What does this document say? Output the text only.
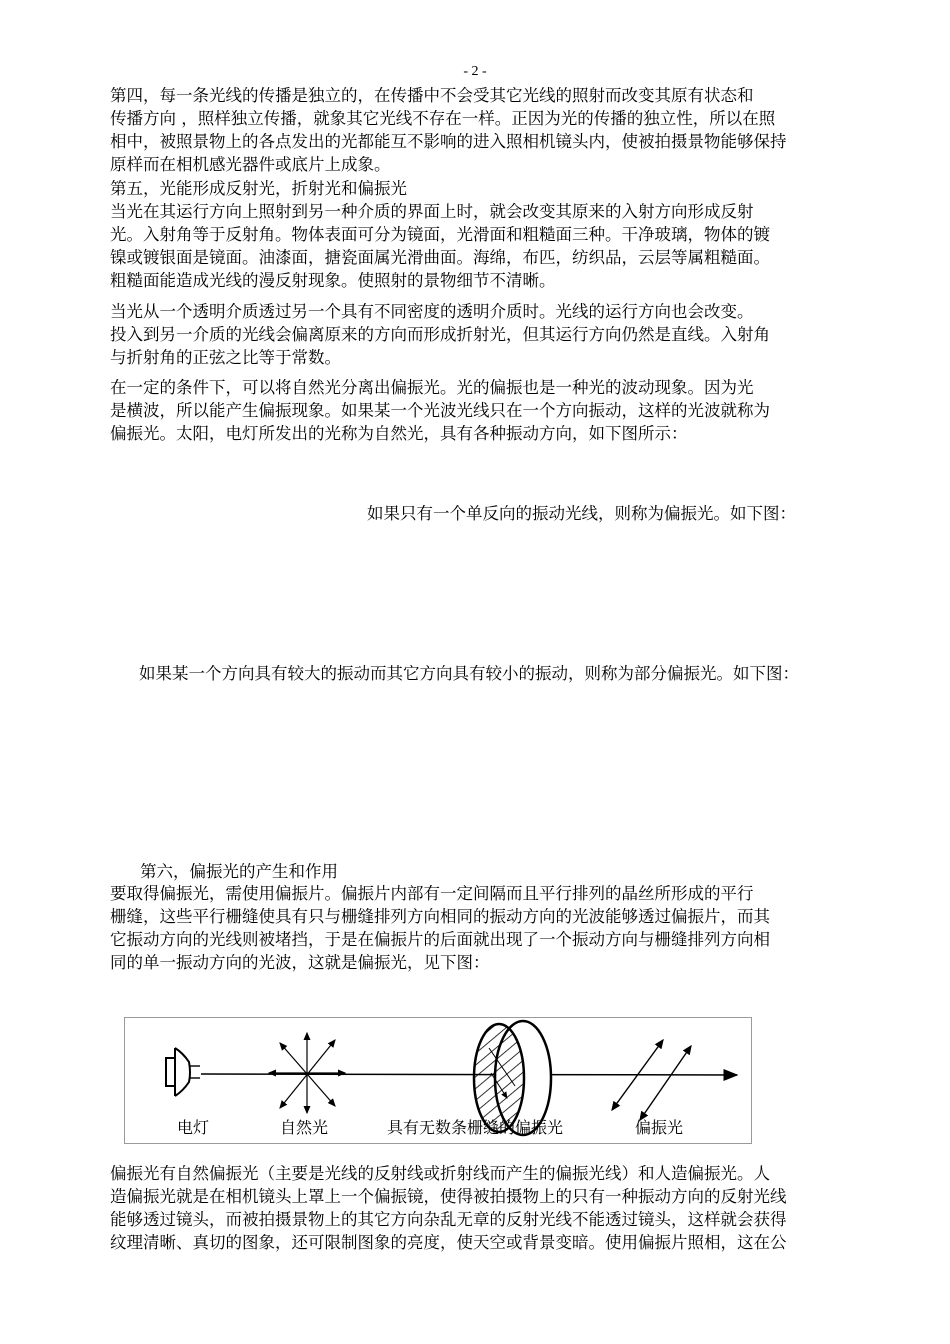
- 2 -
第四，每一条光线的传播是独立的，在传播中不会受其它光线的照射而改变其原有状态和
传播方向 ，照样独立传播，就象其它光线不存在一样。正因为光的传播的独立性，所以在照
相中，被照景物上的各点发出的光都能互不影响的进入照相机镜头内，使被拍摄景物能够保持
原样而在相机感光器件或底片上成象。
第五，光能形成反射光，折射光和偏振光
当光在其运行方向上照射到另一种介质的界面上时，就会改变其原来的入射方向形成反射
光。入射角等于反射角。物体表面可分为镜面，光滑面和粗糙面三种。干净玻璃，物体的镀
镍或镀银面是镜面。油漆面，搪瓷面属光滑曲面。海绵，布匹，纺织品，云层等属粗糙面。
粗糙面能造成光线的漫反射现象。使照射的景物细节不清晰。
当光从一个透明介质透过另一个具有不同密度的透明介质时。光线的运行方向也会改变。
投入到另一介质的光线会偏离原来的方向而形成折射光，但其运行方向仍然是直线。入射角
与折射角的正弦之比等于常数。
在一定的条件下，可以将自然光分离出偏振光。光的偏振也是一种光的波动现象。因为光
是横波，所以能产生偏振现象。如果某一个光波光线只在一个方向振动，这样的光波就称为
偏振光。太阳，电灯所发出的光称为自然光，具有各种振动方向，如下图所示：

如果只有一个单反向的振动光线，则称为偏振光。如下图：

如果某一个方向具有较大的振动而其它方向具有较小的振动，则称为部分偏振光。如下图：

第六，偏振光的产生和作用

要取得偏振光，需使用偏振片。偏振片内部有一定间隔而且平行排列的晶丝所形成的平行
栅缝，这些平行栅缝使具有只与栅缝排列方向相同的振动方向的光波能够透过偏振片，而其
它振动方向的光线则被堵挡，于是在偏振片的后面就出现了一个振动方向与栅缝排列方向相
同的单一振动方向的光波，这就是偏振光，见下图：
电灯	自然光	具有无数条栅缝的偏振光	偏振光
偏振光有自然偏振光（主要是光线的反射线或折射线而产生的偏振光线）和人造偏振光。人
造偏振光就是在相机镜头上罩上一个偏振镜，使得被拍摄物上的只有一种振动方向的反射光线
能够透过镜头，而被拍摄景物上的其它方向杂乱无章的反射光线不能透过镜头，这样就会获得
纹理清晰、真切的图象，还可限制图象的亮度，使天空或背景变暗。使用偏振片照相，这在公
